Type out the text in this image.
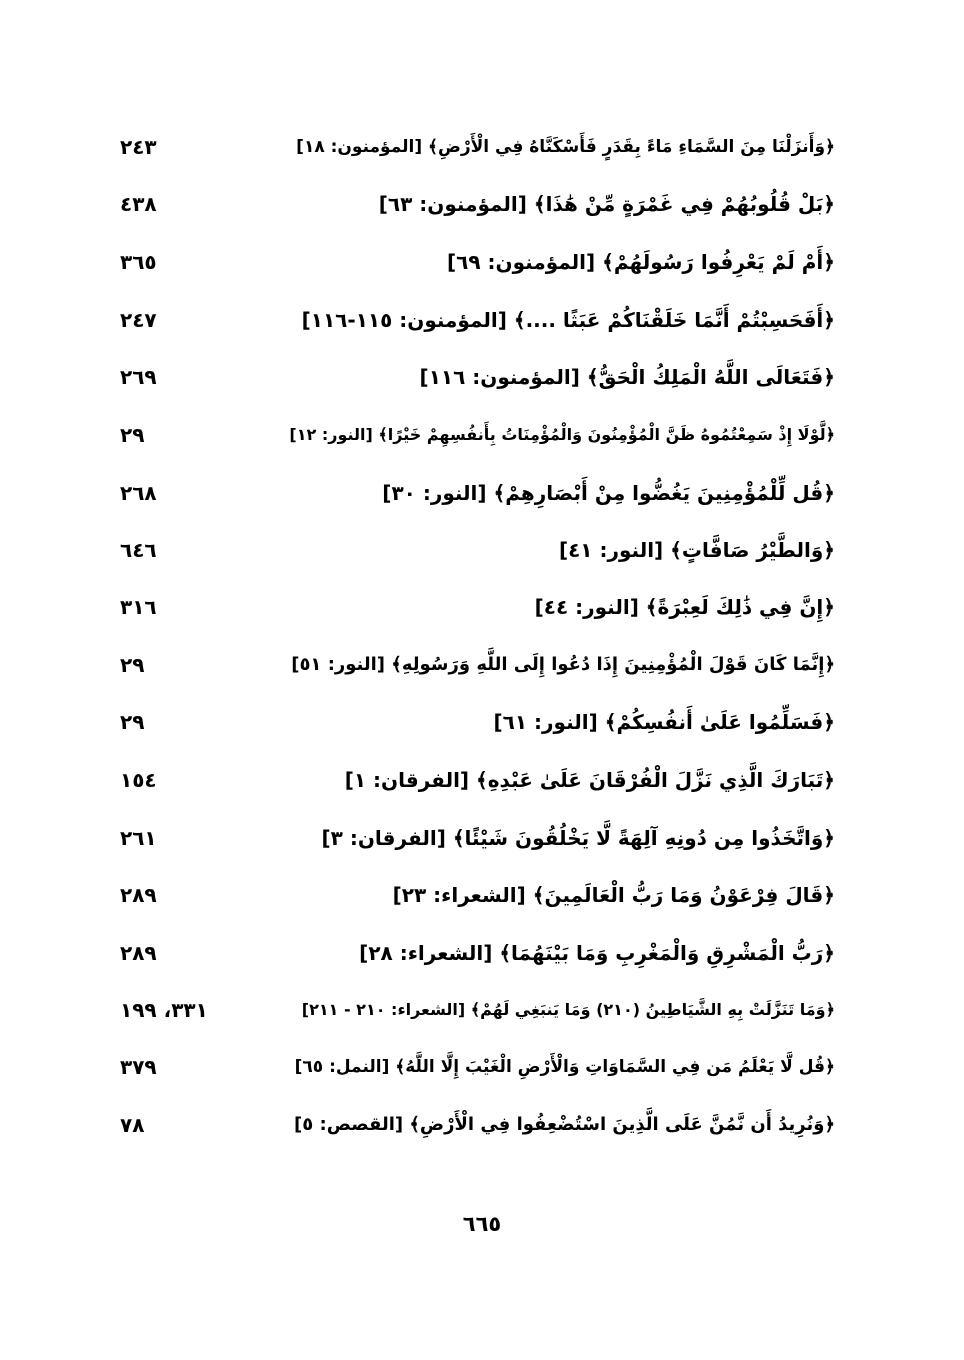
﴿وَأَنزَلْنَا مِنَ السَّمَاءِ مَاءً بِقَدَرٍ فَأَسْكَنَّاهُ فِي الْأَرْضِ﴾ [المؤمنون: ١٨]
٢٤٣
﴿بَلْ قُلُوبُهُمْ فِي غَمْرَةٍ مِّنْ هَٰذَا﴾ [المؤمنون: ٦٣]
٤٣٨
﴿أَمْ لَمْ يَعْرِفُوا رَسُولَهُمْ﴾ [المؤمنون: ٦٩]
٣٦٥
﴿أَفَحَسِبْتُمْ أَنَّمَا خَلَقْنَاكُمْ عَبَثًا ....﴾ [المؤمنون: ١١٥-١١٦]
٢٤٧
﴿فَتَعَالَى اللَّهُ الْمَلِكُ الْحَقُّ﴾ [المؤمنون: ١١٦]
٢٦٩
﴿لَّوْلَا إِذْ سَمِعْتُمُوهُ ظَنَّ الْمُؤْمِنُونَ وَالْمُؤْمِنَاتُ بِأَنفُسِهِمْ خَيْرًا﴾ [النور: ١٢]
٢٩
﴿قُل لِّلْمُؤْمِنِينَ يَغُضُّوا مِنْ أَبْصَارِهِمْ﴾ [النور: ٣٠]
٢٦٨
﴿وَالطَّيْرُ صَافَّاتٍ﴾ [النور: ٤١]
٦٤٦
﴿إِنَّ فِي ذَٰلِكَ لَعِبْرَةً﴾ [النور: ٤٤]
٣١٦
﴿إِنَّمَا كَانَ قَوْلَ الْمُؤْمِنِينَ إِذَا دُعُوا إِلَى اللَّهِ وَرَسُولِهِ﴾ [النور: ٥١]
٢٩
﴿فَسَلِّمُوا عَلَىٰ أَنفُسِكُمْ﴾ [النور: ٦١]
٢٩
﴿تَبَارَكَ الَّذِي نَزَّلَ الْفُرْقَانَ عَلَىٰ عَبْدِهِ﴾ [الفرقان: ١]
١٥٤
﴿وَاتَّخَذُوا مِن دُونِهِ آلِهَةً لَّا يَخْلُقُونَ شَيْئًا﴾ [الفرقان: ٣]
٢٦١
﴿قَالَ فِرْعَوْنُ وَمَا رَبُّ الْعَالَمِينَ﴾ [الشعراء: ٢٣]
٢٨٩
﴿رَبُّ الْمَشْرِقِ وَالْمَغْرِبِ وَمَا بَيْنَهُمَا﴾ [الشعراء: ٢٨]
٢٨٩
﴿وَمَا تَنَزَّلَتْ بِهِ الشَّيَاطِينُ (٢١٠) وَمَا يَنبَغِي لَهُمْ﴾ [الشعراء: ٢١٠ - ٢١١]
٣٣١، ١٩٩
﴿قُل لَّا يَعْلَمُ مَن فِي السَّمَاوَاتِ وَالْأَرْضِ الْغَيْبَ إِلَّا اللَّهُ﴾ [النمل: ٦٥]
٣٧٩
﴿وَنُرِيدُ أَن نَّمُنَّ عَلَى الَّذِينَ اسْتُضْعِفُوا فِي الْأَرْضِ﴾ [القصص: ٥]
٧٨
٦٦٥
